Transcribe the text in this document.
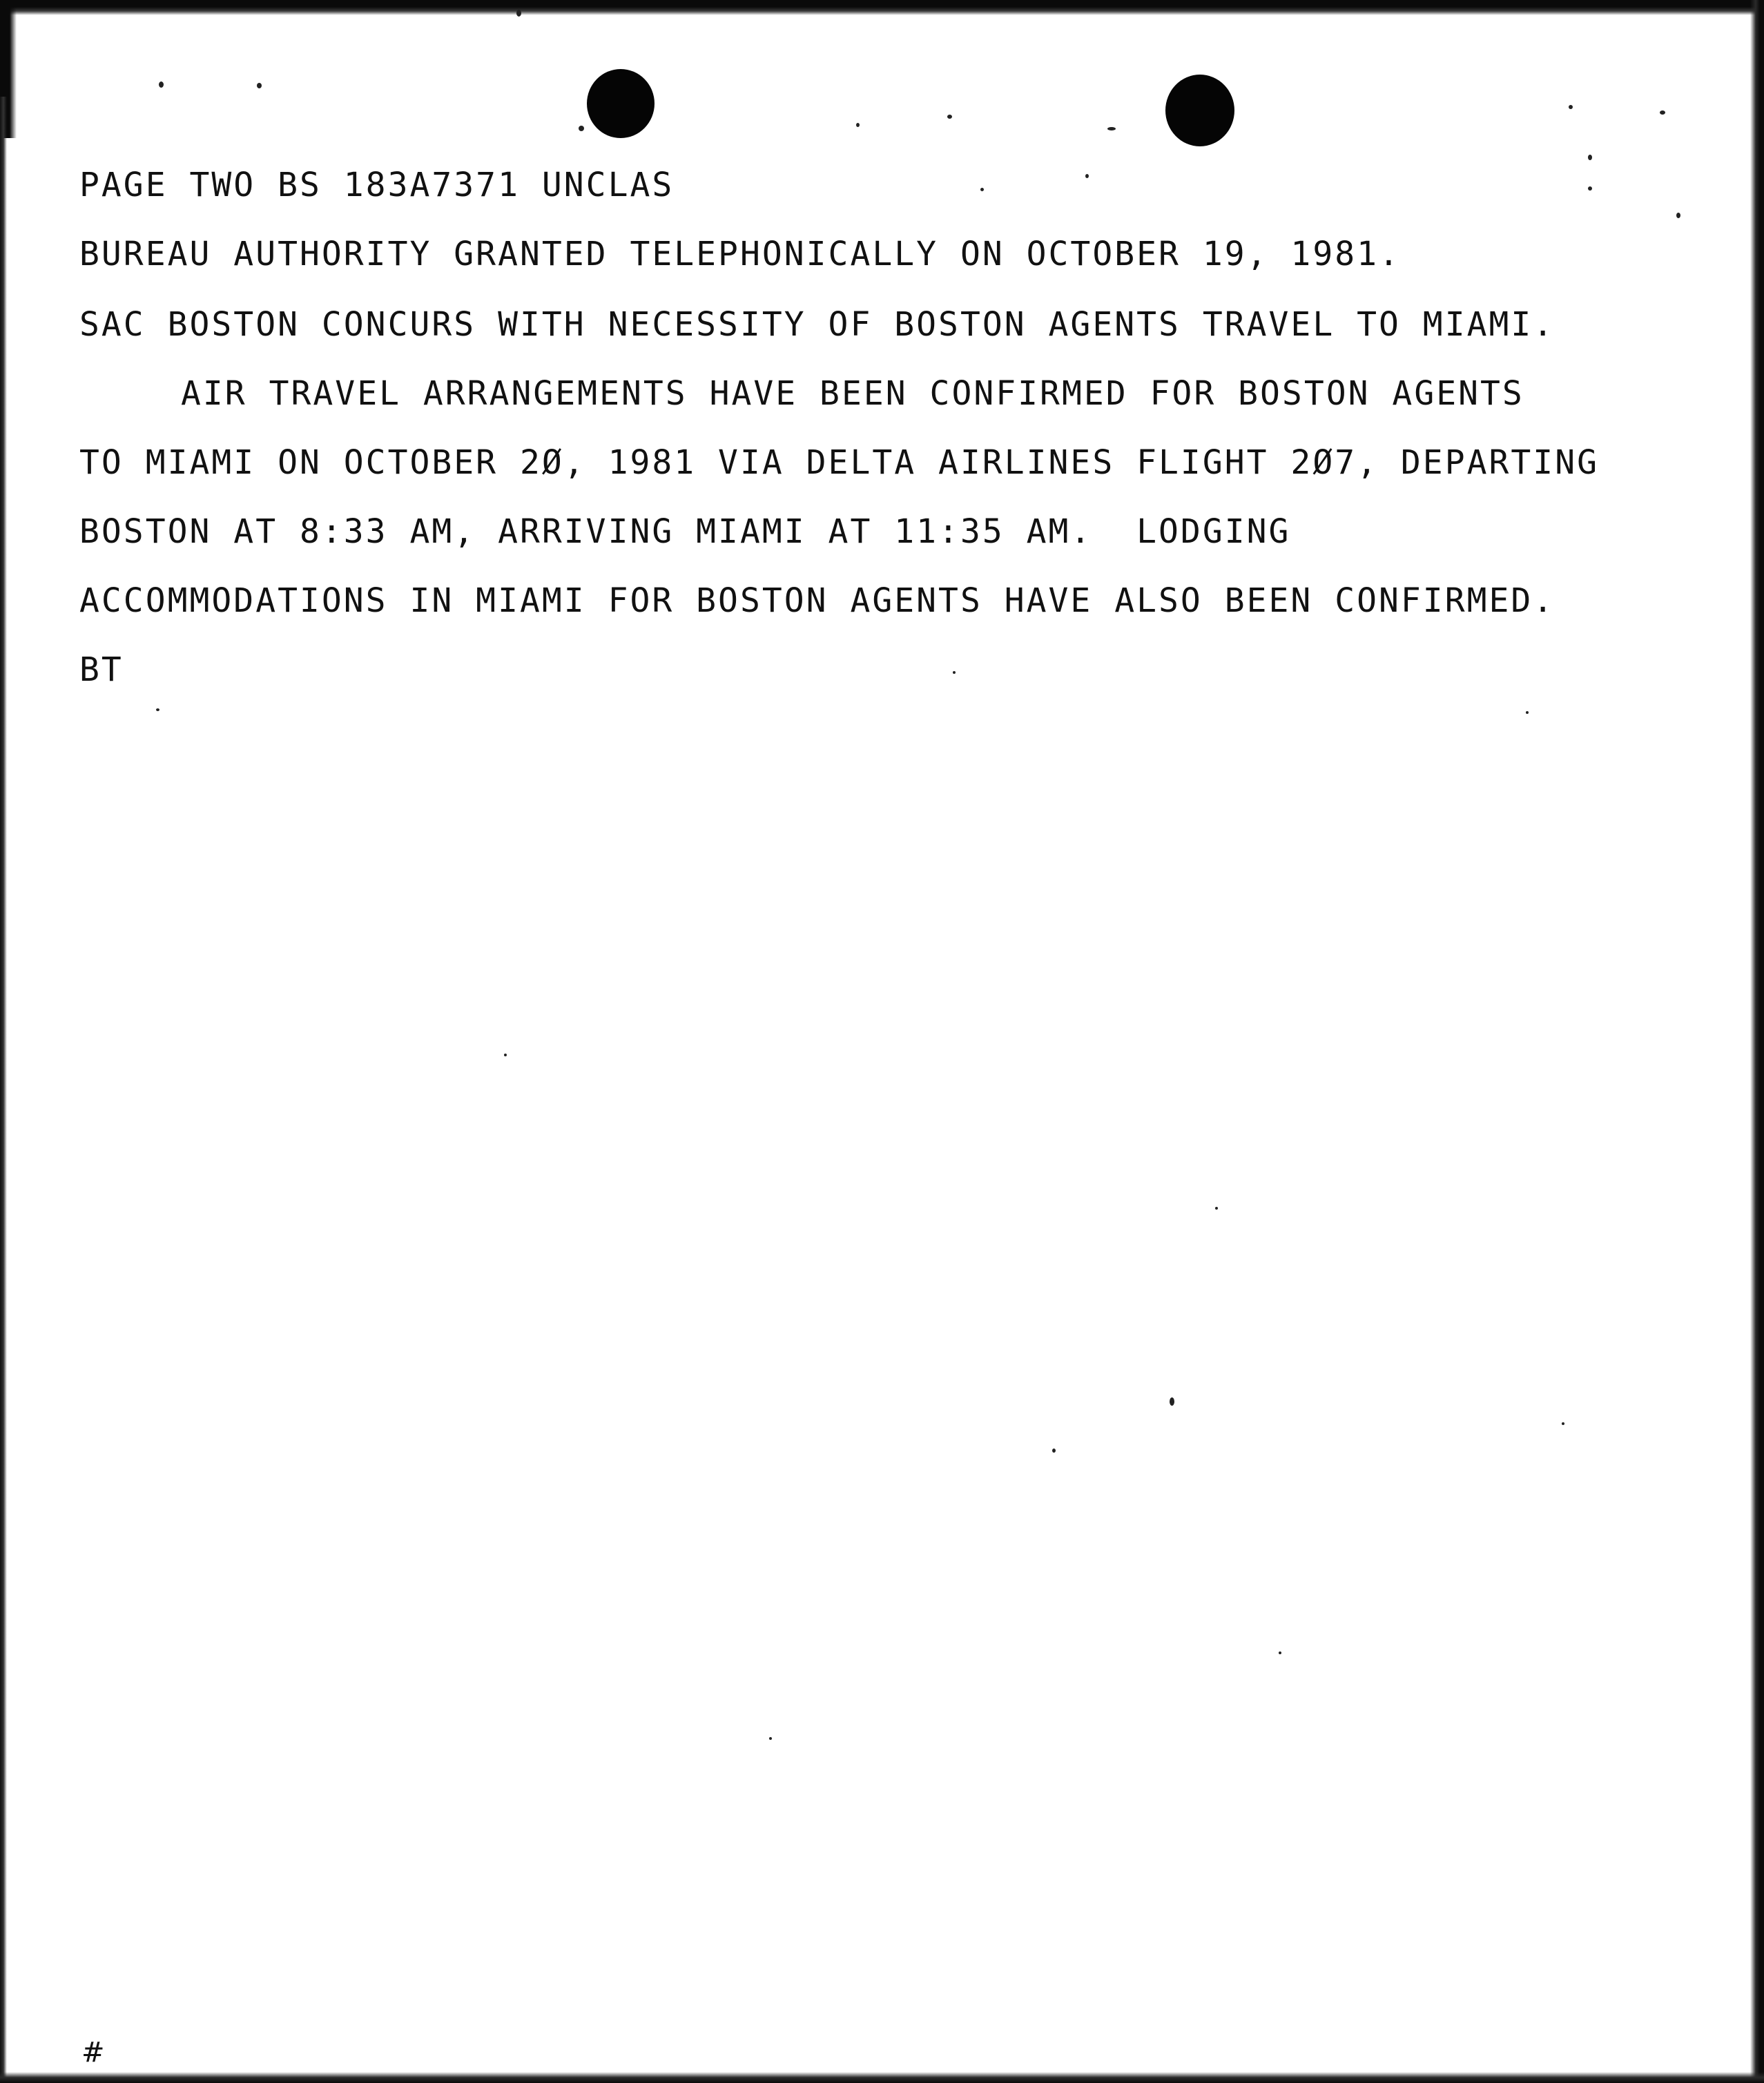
PAGE TWO BS 183A7371 UNCLAS
BUREAU AUTHORITY GRANTED TELEPHONICALLY ON OCTOBER 19, 1981.
SAC BOSTON CONCURS WITH NECESSITY OF BOSTON AGENTS TRAVEL TO MIAMI.
AIR TRAVEL ARRANGEMENTS HAVE BEEN CONFIRMED FOR BOSTON AGENTS
TO MIAMI ON OCTOBER 2Ø, 1981 VIA DELTA AIRLINES FLIGHT 2Ø7, DEPARTING
BOSTON AT 8:33 AM, ARRIVING MIAMI AT 11:35 AM.  LODGING
ACCOMMODATIONS IN MIAMI FOR BOSTON AGENTS HAVE ALSO BEEN CONFIRMED.
BT
#
